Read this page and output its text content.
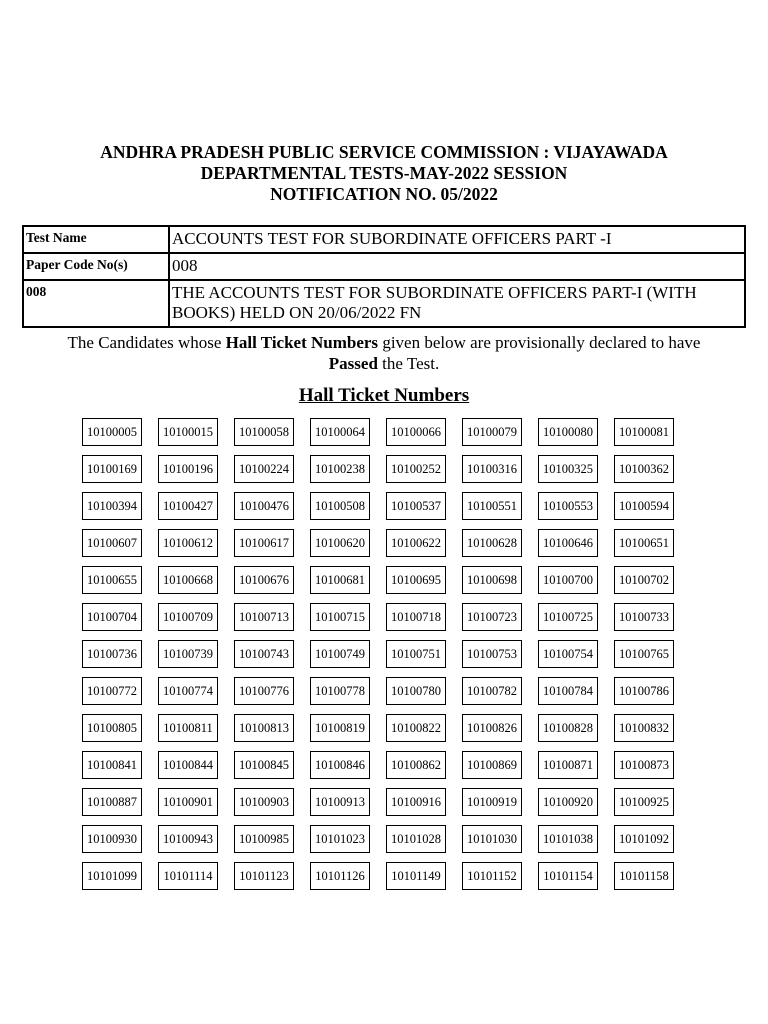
ANDHRA PRADESH PUBLIC SERVICE COMMISSION : VIJAYAWADA
DEPARTMENTAL TESTS-MAY-2022 SESSION
NOTIFICATION NO. 05/2022
Test Name	ACCOUNTS TEST FOR SUBORDINATE OFFICERS PART -I
Paper Code No(s)	008
008	THE ACCOUNTS TEST FOR SUBORDINATE OFFICERS PART-I (WITH BOOKS) HELD ON 20/06/2022 FN
The Candidates whose Hall Ticket Numbers given below are provisionally declared to have
Passed the Test.
Hall Ticket Numbers
10100005	10100015	10100058	10100064	10100066	10100079	10100080	10100081
10100169	10100196	10100224	10100238	10100252	10100316	10100325	10100362
10100394	10100427	10100476	10100508	10100537	10100551	10100553	10100594
10100607	10100612	10100617	10100620	10100622	10100628	10100646	10100651
10100655	10100668	10100676	10100681	10100695	10100698	10100700	10100702
10100704	10100709	10100713	10100715	10100718	10100723	10100725	10100733
10100736	10100739	10100743	10100749	10100751	10100753	10100754	10100765
10100772	10100774	10100776	10100778	10100780	10100782	10100784	10100786
10100805	10100811	10100813	10100819	10100822	10100826	10100828	10100832
10100841	10100844	10100845	10100846	10100862	10100869	10100871	10100873
10100887	10100901	10100903	10100913	10100916	10100919	10100920	10100925
10100930	10100943	10100985	10101023	10101028	10101030	10101038	10101092
10101099	10101114	10101123	10101126	10101149	10101152	10101154	10101158
